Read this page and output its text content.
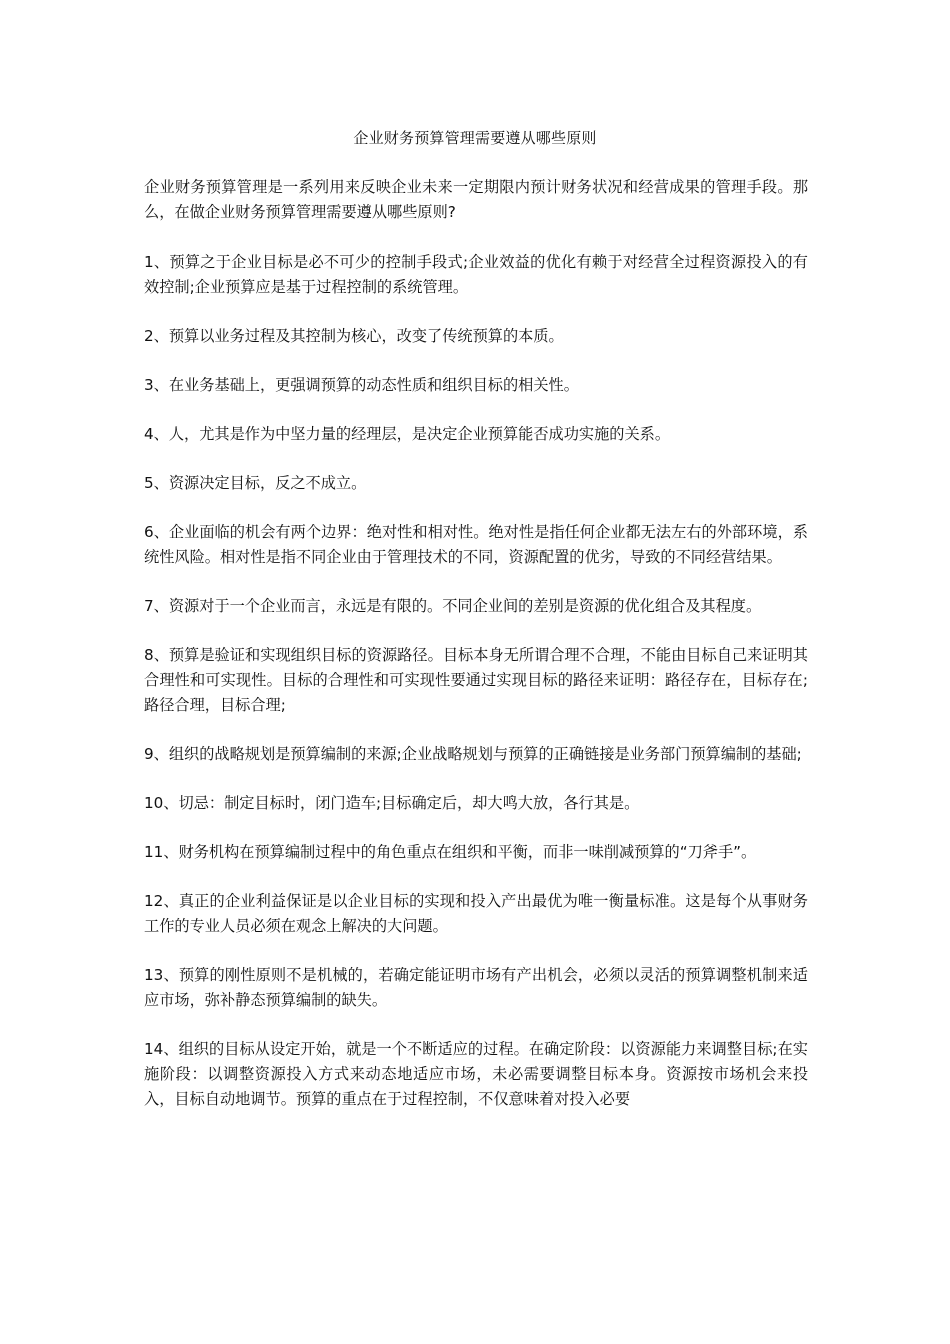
企业财务预算管理需要遵从哪些原则

企业财务预算管理是一系列用来反映企业未来一定期限内预计财务状况和经营成果的管理手段。那么，在做企业财务预算管理需要遵从哪些原则?

1、预算之于企业目标是必不可少的控制手段式;企业效益的优化有赖于对经营全过程资源投入的有效控制;企业预算应是基于过程控制的系统管理。

2、预算以业务过程及其控制为核心，改变了传统预算的本质。

3、在业务基础上，更强调预算的动态性质和组织目标的相关性。

4、人，尤其是作为中坚力量的经理层，是决定企业预算能否成功实施的关系。

5、资源决定目标，反之不成立。

6、企业面临的机会有两个边界：绝对性和相对性。绝对性是指任何企业都无法左右的外部环境，系统性风险。相对性是指不同企业由于管理技术的不同，资源配置的优劣，导致的不同经营结果。

7、资源对于一个企业而言，永远是有限的。不同企业间的差别是资源的优化组合及其程度。

8、预算是验证和实现组织目标的资源路径。目标本身无所谓合理不合理，不能由目标自己来证明其合理性和可实现性。目标的合理性和可实现性要通过实现目标的路径来证明：路径存在，目标存在;路径合理，目标合理;

9、组织的战略规划是预算编制的来源;企业战略规划与预算的正确链接是业务部门预算编制的基础;

10、切忌：制定目标时，闭门造车;目标确定后，却大鸣大放，各行其是。

11、财务机构在预算编制过程中的角色重点在组织和平衡，而非一味削减预算的“刀斧手”。

12、真正的企业利益保证是以企业目标的实现和投入产出最优为唯一衡量标准。这是每个从事财务工作的专业人员必须在观念上解决的大问题。

13、预算的刚性原则不是机械的，若确定能证明市场有产出机会，必须以灵活的预算调整机制来适应市场，弥补静态预算编制的缺失。

14、组织的目标从设定开始，就是一个不断适应的过程。在确定阶段：以资源能力来调整目标;在实施阶段：以调整资源投入方式来动态地适应市场，未必需要调整目标本身。资源按市场机会来投入，目标自动地调节。预算的重点在于过程控制，不仅意味着对投入必要
